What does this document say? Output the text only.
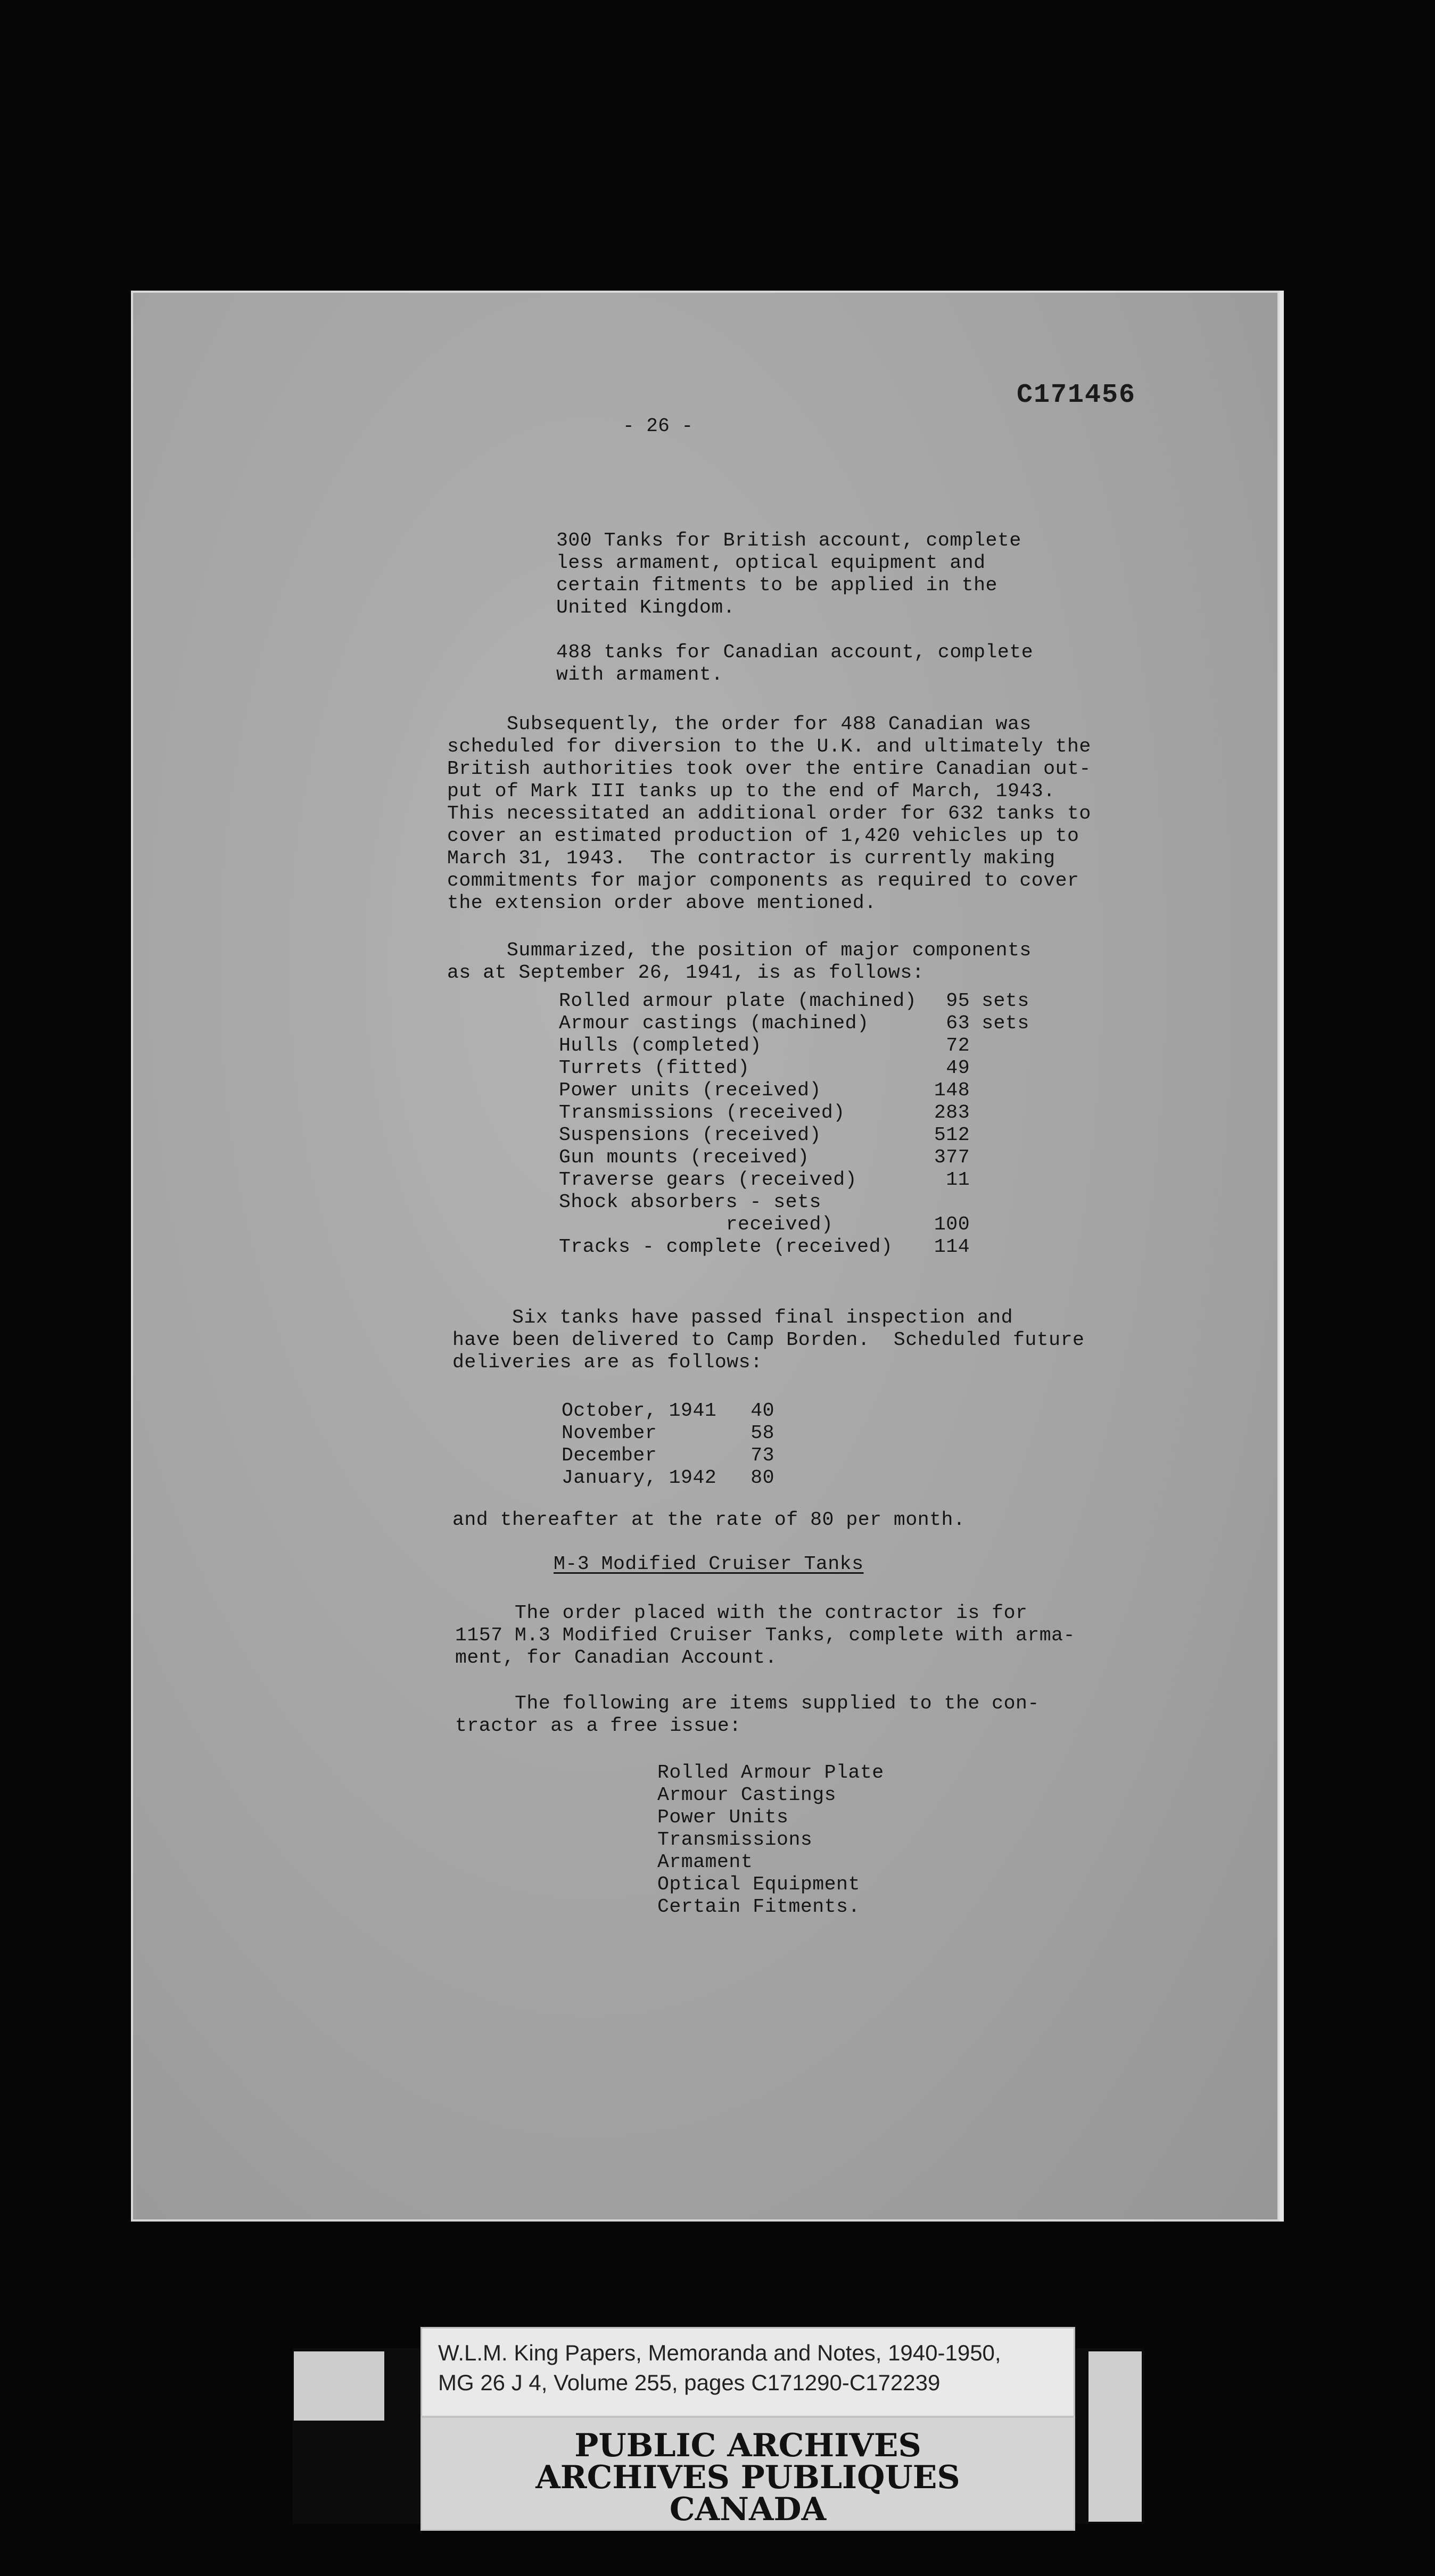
C171456
- 26 -
300 Tanks for British account, complete
less armament, optical equipment and
certain fitments to be applied in the
United Kingdom.
488 tanks for Canadian account, complete
with armament.
Subsequently, the order for 488 Canadian was
scheduled for diversion to the U.K. and ultimately the
British authorities took over the entire Canadian out-
put of Mark III tanks up to the end of March, 1943.
This necessitated an additional order for 632 tanks to
cover an estimated production of 1,420 vehicles up to
March 31, 1943.  The contractor is currently making
commitments for major components as required to cover
the extension order above mentioned.
Summarized, the position of major components
as at September 26, 1941, is as follows:
Rolled armour plate (machined)	95	sets
Armour castings (machined)	63	sets
Hulls (completed)	72	
Turrets (fitted)	49	
Power units (received)	148	
Transmissions (received)	283	
Suspensions (received)	512	
Gun mounts (received)	377	
Traverse gears (received)	11	
Shock absorbers - sets		
received)	100	
Tracks - complete (received)	114	
Six tanks have passed final inspection and
have been delivered to Camp Borden.  Scheduled future
deliveries are as follows:
October, 1941	40
November	58
December	73
January, 1942	80
and thereafter at the rate of 80 per month.
M-3 Modified Cruiser Tanks
The order placed with the contractor is for
1157 M.3 Modified Cruiser Tanks, complete with arma-
ment, for Canadian Account.
The following are items supplied to the con-
tractor as a free issue:
Rolled Armour Plate
Armour Castings
Power Units
Transmissions
Armament
Optical Equipment
Certain Fitments.
W.L.M. King Papers, Memoranda and Notes, 1940-1950,
MG 26 J 4, Volume 255, pages C171290-C172239
PUBLIC ARCHIVES
ARCHIVES PUBLIQUES
CANADA
